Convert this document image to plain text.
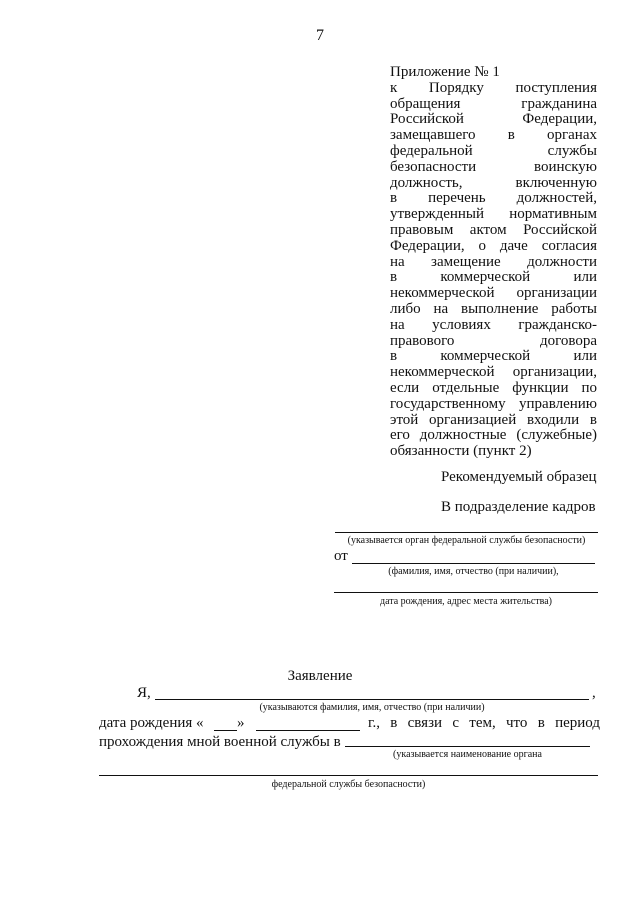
7
Приложение № 1
к Порядку поступления
обращения гражданина
Российской Федерации,
замещавшего в органах
федеральной службы
безопасности воинскую
должность, включенную
в перечень должностей,
утвержденный нормативным
правовым актом Российской
Федерации, о даче согласия
на замещение должности
в коммерческой или
некоммерческой организации
либо на выполнение работы
на условиях гражданско-
правового договора
в коммерческой или
некоммерческой организации,
если отдельные функции по
государственному управлению
этой организацией входили в
его должностные (служебные)
обязанности (пункт 2)
Рекомендуемый образец
В подразделение кадров
(указывается орган федеральной службы безопасности)
от
(фамилия, имя, отчество (при наличии),
дата рождения, адрес места жительства)
Заявление
Я,	,
(указываются фамилия, имя, отчество (при наличии)
дата рождения « »	г., в связи с тем, что в период
прохождения мной военной службы в
(указывается наименование органа
федеральной службы безопасности)
